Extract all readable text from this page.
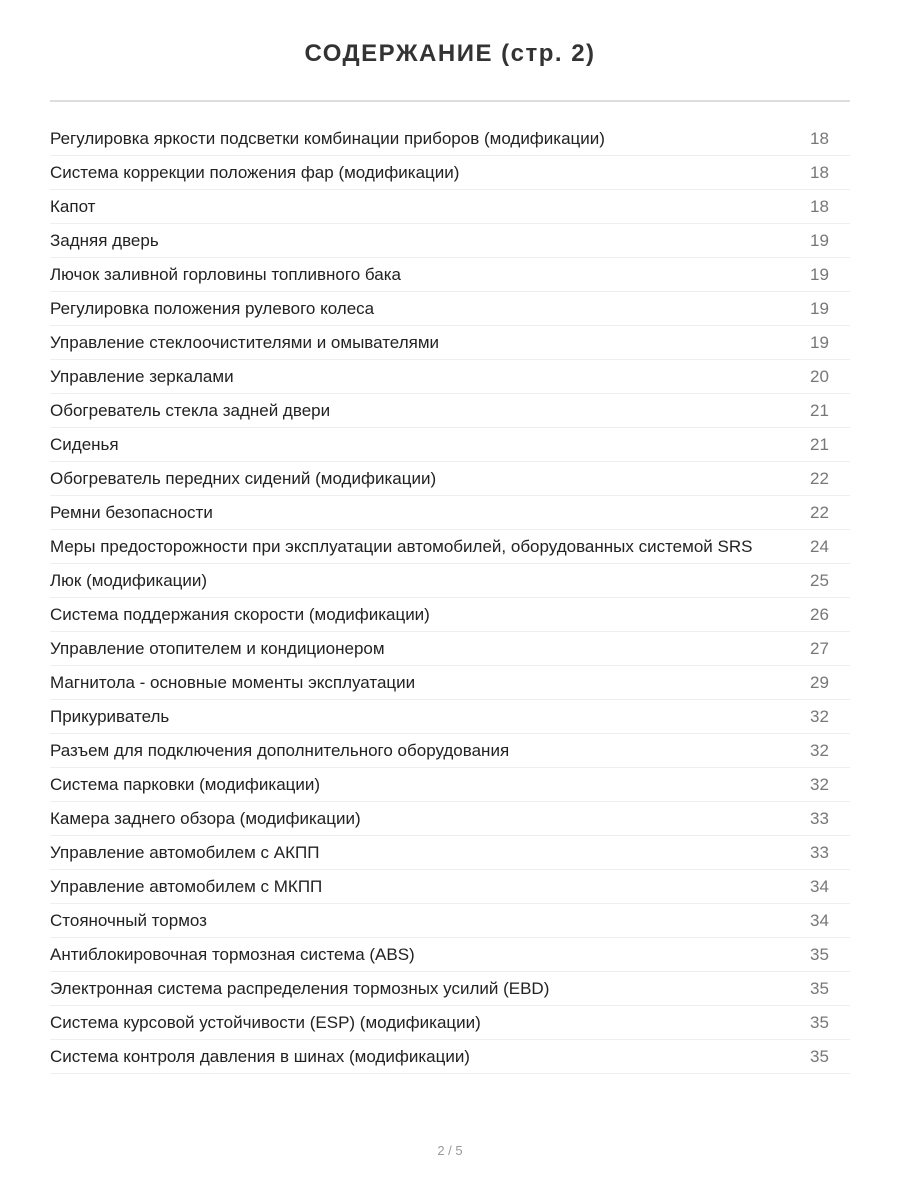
СОДЕРЖАНИЕ (стр. 2)
Регулировка яркости подсветки комбинации приборов (модификации)	18
Система коррекции положения фар (модификации)	18
Капот	18
Задняя дверь	19
Лючок заливной горловины топливного бака	19
Регулировка положения рулевого колеса	19
Управление стеклоочистителями и омывателями	19
Управление зеркалами	20
Обогреватель стекла задней двери	21
Сиденья	21
Обогреватель передних сидений (модификации)	22
Ремни безопасности	22
Меры предосторожности при эксплуатации автомобилей, оборудованных системой SRS	24
Люк (модификации)	25
Система поддержания скорости (модификации)	26
Управление отопителем и кондиционером	27
Магнитола - основные моменты эксплуатации	29
Прикуриватель	32
Разъем для подключения дополнительного оборудования	32
Система парковки (модификации)	32
Камера заднего обзора (модификации)	33
Управление автомобилем с АКПП	33
Управление автомобилем с МКПП	34
Стояночный тормоз	34
Антиблокировочная тормозная система (ABS)	35
Электронная система распределения тормозных усилий (EBD)	35
Система курсовой устойчивости (ESP) (модификации)	35
Система контроля давления в шинах (модификации)	35
2 / 5
